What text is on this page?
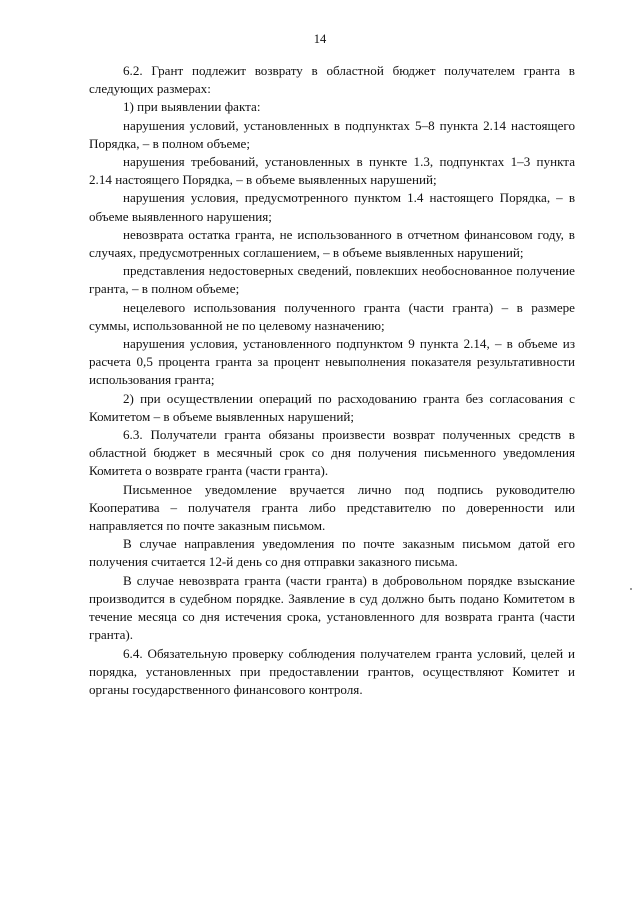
14

6.2. Грант подлежит возврату в областной бюджет получателем гранта в следующих размерах:

1) при выявлении факта:

нарушения условий, установленных в подпунктах 5–8 пункта 2.14 настоящего Порядка, – в полном объеме;

нарушения требований, установленных в пункте 1.3, подпунктах 1–3 пункта 2.14 настоящего Порядка, – в объеме выявленных нарушений;

нарушения условия, предусмотренного пунктом 1.4 настоящего Порядка, – в объеме выявленного нарушения;

невозврата остатка гранта, не использованного в отчетном финансовом году, в случаях, предусмотренных соглашением, – в объеме выявленных нарушений;

представления недостоверных сведений, повлекших необоснованное получение гранта, – в полном объеме;

нецелевого использования полученного гранта (части гранта) – в размере суммы, использованной не по целевому назначению;

нарушения условия, установленного подпунктом 9 пункта 2.14, – в объеме из расчета 0,5 процента гранта за процент невыполнения показателя результативности использования гранта;

2) при осуществлении операций по расходованию гранта без согласования с Комитетом – в объеме выявленных нарушений;

6.3. Получатели гранта обязаны произвести возврат полученных средств в областной бюджет в месячный срок со дня получения письменного уведомления Комитета о возврате гранта (части гранта).

Письменное уведомление вручается лично под подпись руководителю Кооператива – получателя гранта либо представителю по доверенности или направляется по почте заказным письмом.

В случае направления уведомления по почте заказным письмом датой его получения считается 12-й день со дня отправки заказного письма.

В случае невозврата гранта (части гранта) в добровольном порядке взыскание производится в судебном порядке. Заявление в суд должно быть подано Комитетом в течение месяца со дня истечения срока, установленного для возврата гранта (части гранта).

6.4. Обязательную проверку соблюдения получателем гранта условий, целей и порядка, установленных при предоставлении грантов, осуществляют Комитет и органы государственного финансового контроля.
